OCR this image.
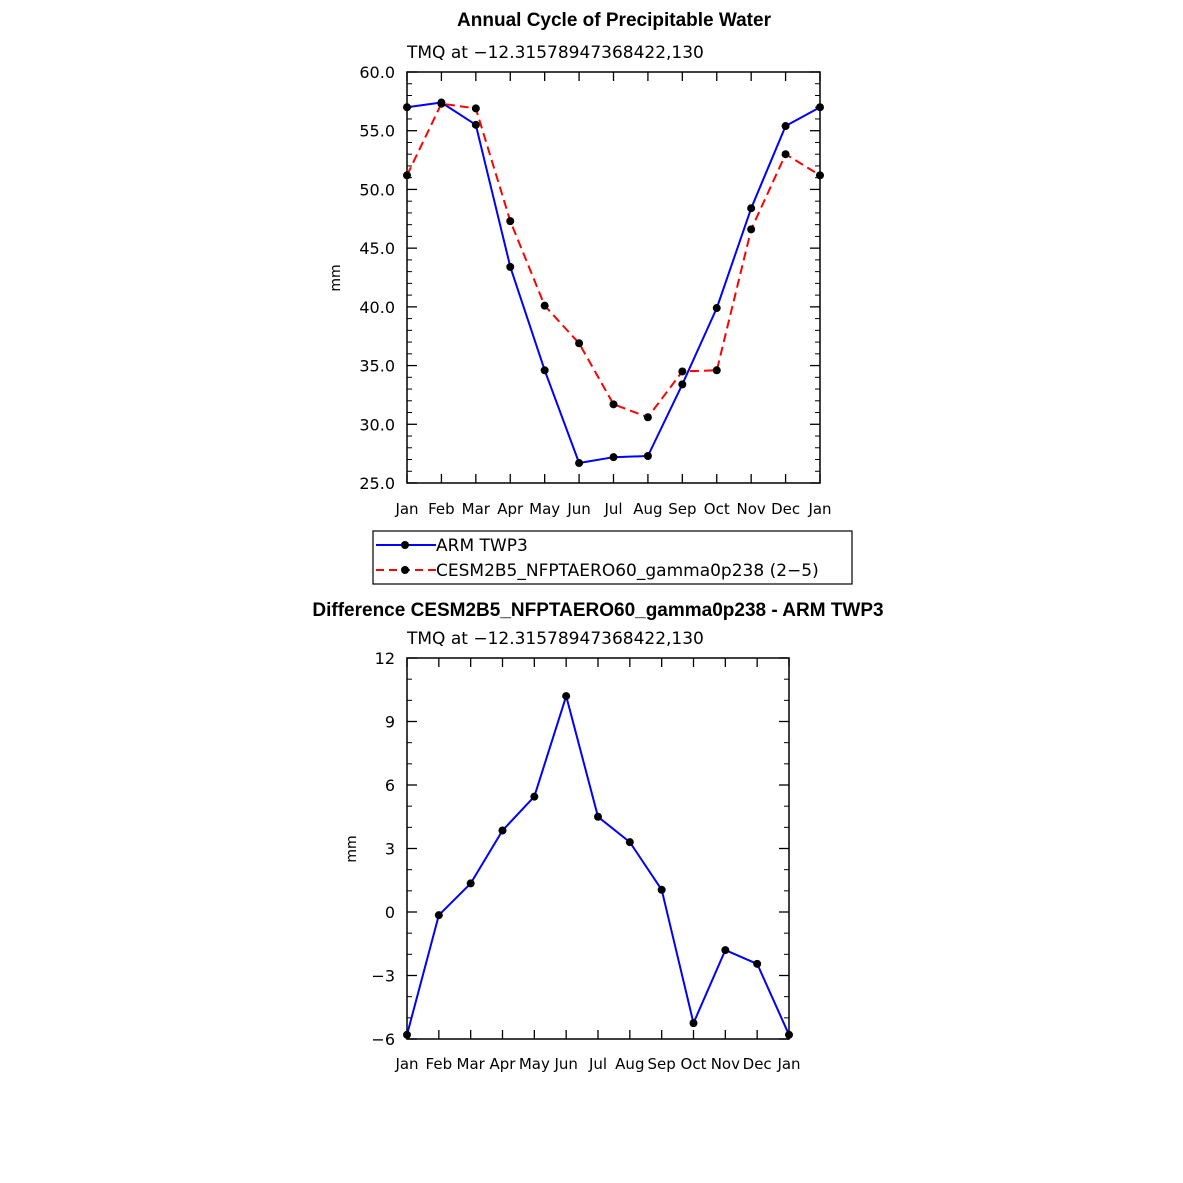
Annual Cycle of Precipitable Water
TMQ at −12.31578947368422,130
mm
Jan Feb Mar Apr May Jun Jul Aug Sep Oct Nov Dec Jan
25.0
30.0
35.0
40.0
45.0
50.0
55.0
60.0
ARM TWP3
CESM2B5_NFPTAERO60_gamma0p238 (2−5)
Difference CESM2B5_NFPTAERO60_gamma0p238 - ARM TWP3
TMQ at −12.31578947368422,130
mm
Jan Feb Mar Apr May Jun Jul Aug Sep Oct Nov Dec Jan
−6
−3
0
3
6
9
12
